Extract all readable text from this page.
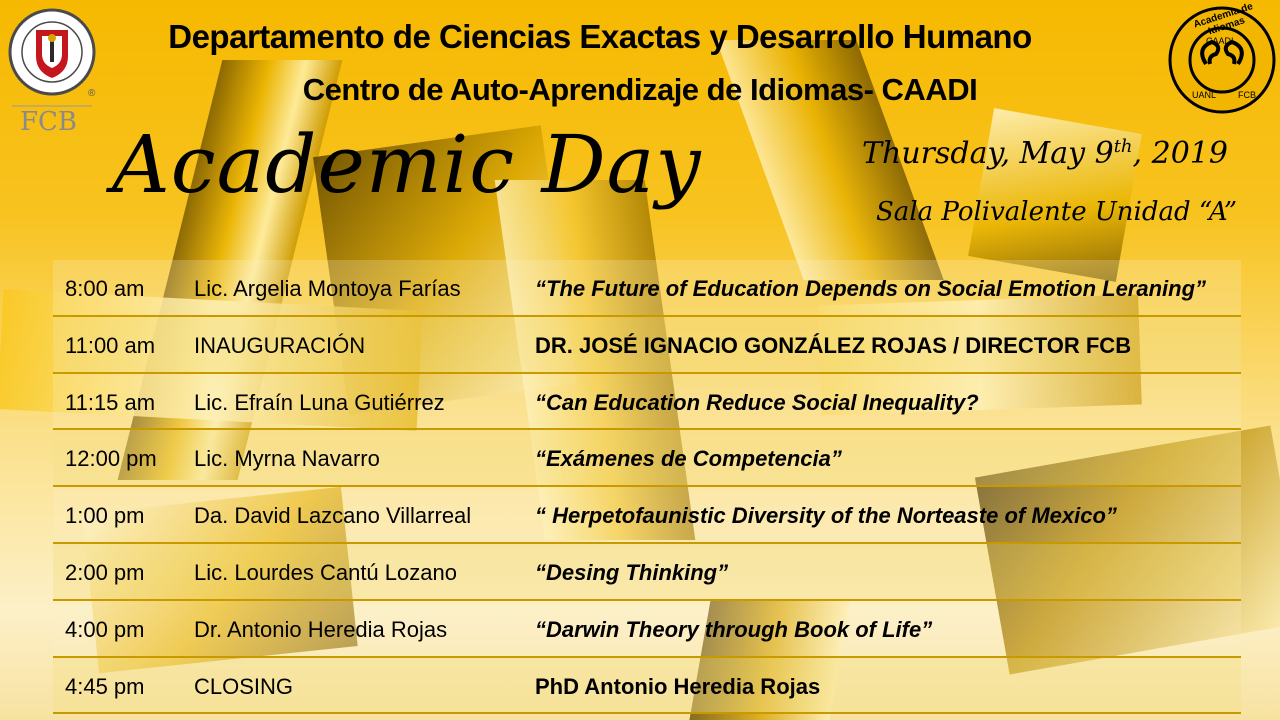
FCB
®
Academia de Idiomas
CAADI
UANL FCB
Departamento de Ciencias Exactas y Desarrollo Humano
Centro de Auto-Aprendizaje de Idiomas- CAADI
Academic Day	Thursday, May 9th, 2019
Sala Polivalente Unidad “A”
8:00 am Lic. Argelia Montoya Farías	“The Future of Education Depends on Social Emotion Leraning”
11:00 am INAUGURACIÓN	DR. JOSÉ IGNACIO GONZÁLEZ ROJAS / DIRECTOR FCB
11:15 am Lic. Efraín Luna Gutiérrez	“Can Education Reduce Social Inequality?
12:00 pm Lic. Myrna Navarro	“Exámenes de Competencia”
1:00 pm Da. David Lazcano Villarreal	“ Herpetofaunistic Diversity of the Norteaste of Mexico”
2:00 pm Lic. Lourdes Cantú Lozano	“Desing Thinking”
4:00 pm Dr. Antonio Heredia Rojas	“Darwin Theory through Book of Life”
4:45 pm CLOSING	PhD Antonio Heredia Rojas
